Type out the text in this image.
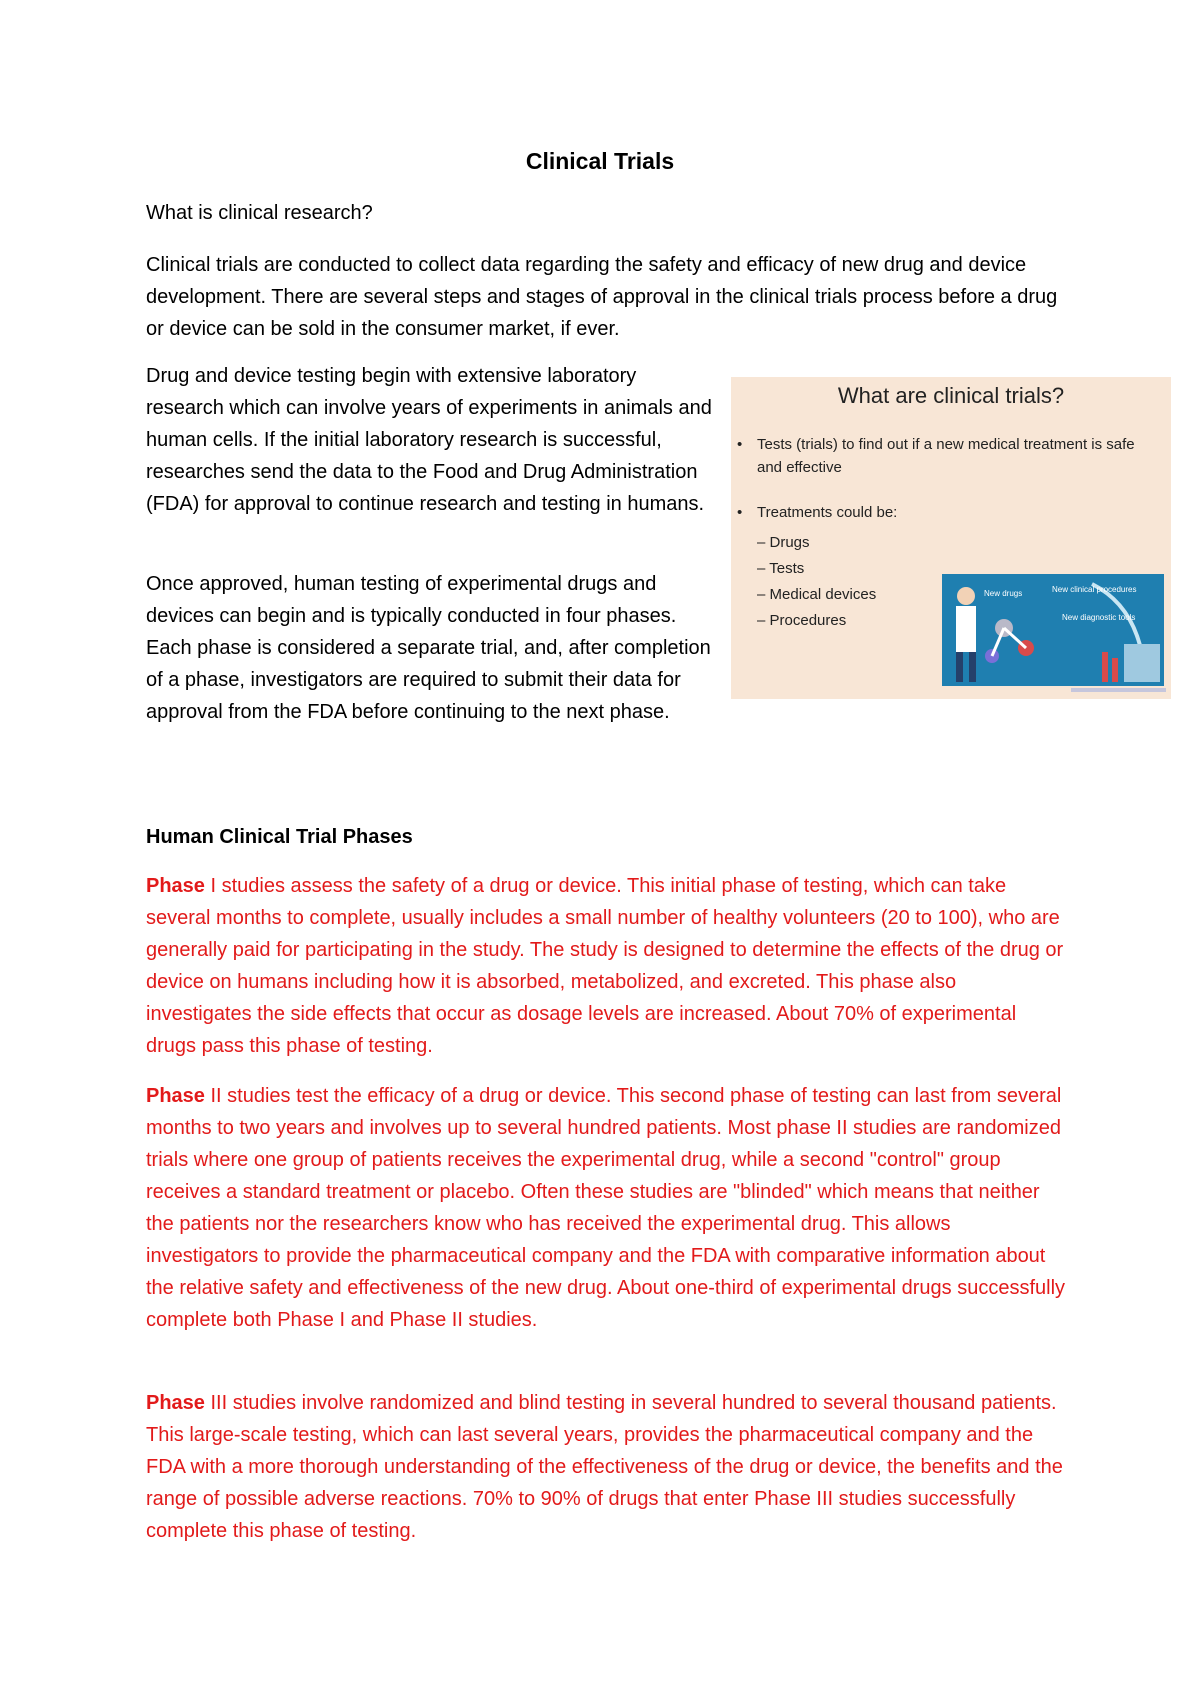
Clinical Trials
What is clinical research?
Clinical trials are conducted to collect data regarding the safety and efficacy of new drug and device development. There are several steps and stages of approval in the clinical trials process before a drug or device can be sold in the consumer market, if ever.
Drug and device testing begin with extensive laboratory research which can involve years of experiments in animals and human cells. If the initial laboratory research is successful, researches send the data to the Food and Drug Administration (FDA) for approval to continue research and testing in humans.
Once approved, human testing of experimental drugs and devices can begin and is typically conducted in four phases. Each phase is considered a separate trial, and, after completion of a phase, investigators are required to submit their data for approval from the FDA before continuing to the next phase.
What are clinical trials?
• Tests (trials) to find out if a new medical treatment is safe and effective
• Treatments could be:
– Drugs
– Tests
– Medical devices
– Procedures
New drugs	New clinical procedures
New diagnostic tools
Human Clinical Trial Phases
Phase I studies assess the safety of a drug or device. This initial phase of testing, which can take several months to complete, usually includes a small number of healthy volunteers (20 to 100), who are generally paid for participating in the study. The study is designed to determine the effects of the drug or device on humans including how it is absorbed, metabolized, and excreted. This phase also investigates the side effects that occur as dosage levels are increased. About 70% of experimental drugs pass this phase of testing.
Phase II studies test the efficacy of a drug or device. This second phase of testing can last from several months to two years and involves up to several hundred patients. Most phase II studies are randomized trials where one group of patients receives the experimental drug, while a second "control" group receives a standard treatment or placebo. Often these studies are "blinded" which means that neither the patients nor the researchers know who has received the experimental drug. This allows investigators to provide the pharmaceutical company and the FDA with comparative information about the relative safety and effectiveness of the new drug. About one-third of experimental drugs successfully complete both Phase I and Phase II studies.
Phase III studies involve randomized and blind testing in several hundred to several thousand patients. This large-scale testing, which can last several years, provides the pharmaceutical company and the FDA with a more thorough understanding of the effectiveness of the drug or device, the benefits and the range of possible adverse reactions. 70% to 90% of drugs that enter Phase III studies successfully complete this phase of testing.
